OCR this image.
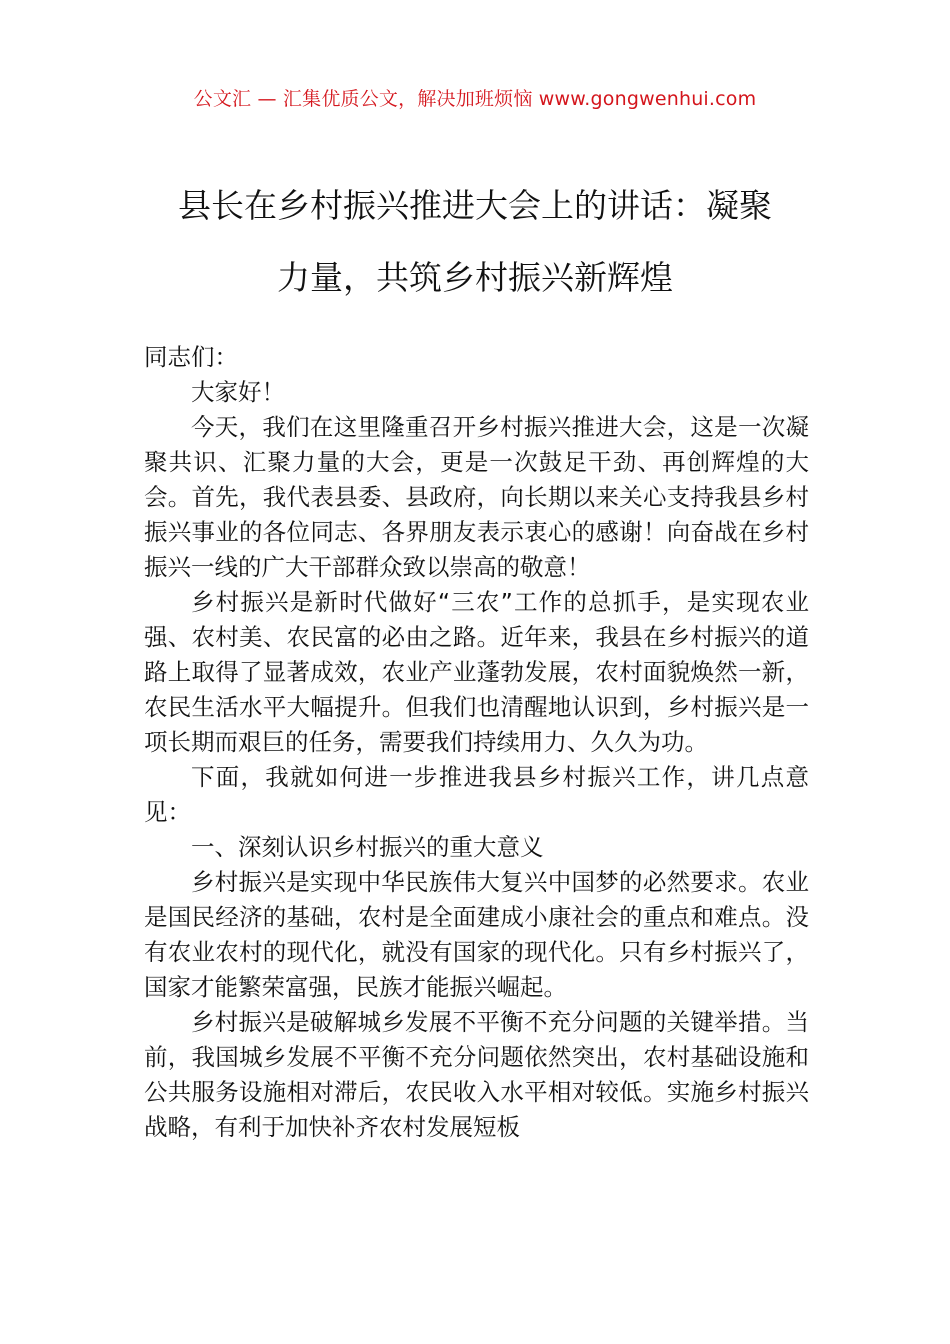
公文汇 — 汇集优质公文，解决加班烦恼 www.gongwenhui.com
县长在乡村振兴推进大会上的讲话：凝聚
力量，共筑乡村振兴新辉煌

同志们：

大家好！

今天，我们在这里隆重召开乡村振兴推进大会，这是一次凝聚共识、汇聚力量的大会，更是一次鼓足干劲、再创辉煌的大会。首先，我代表县委、县政府，向长期以来关心支持我县乡村振兴事业的各位同志、各界朋友表示衷心的感谢！向奋战在乡村振兴一线的广大干部群众致以崇高的敬意！

乡村振兴是新时代做好“三农”工作的总抓手，是实现农业强、农村美、农民富的必由之路。近年来，我县在乡村振兴的道路上取得了显著成效，农业产业蓬勃发展，农村面貌焕然一新，农民生活水平大幅提升。但我们也清醒地认识到，乡村振兴是一项长期而艰巨的任务，需要我们持续用力、久久为功。

下面，我就如何进一步推进我县乡村振兴工作，讲几点意见：

一、深刻认识乡村振兴的重大意义

乡村振兴是实现中华民族伟大复兴中国梦的必然要求。农业是国民经济的基础，农村是全面建成小康社会的重点和难点。没有农业农村的现代化，就没有国家的现代化。只有乡村振兴了，国家才能繁荣富强，民族才能振兴崛起。

乡村振兴是破解城乡发展不平衡不充分问题的关键举措。当前，我国城乡发展不平衡不充分问题依然突出，农村基础设施和公共服务设施相对滞后，农民收入水平相对较低。实施乡村振兴战略，有利于加快补齐农村发展短板
